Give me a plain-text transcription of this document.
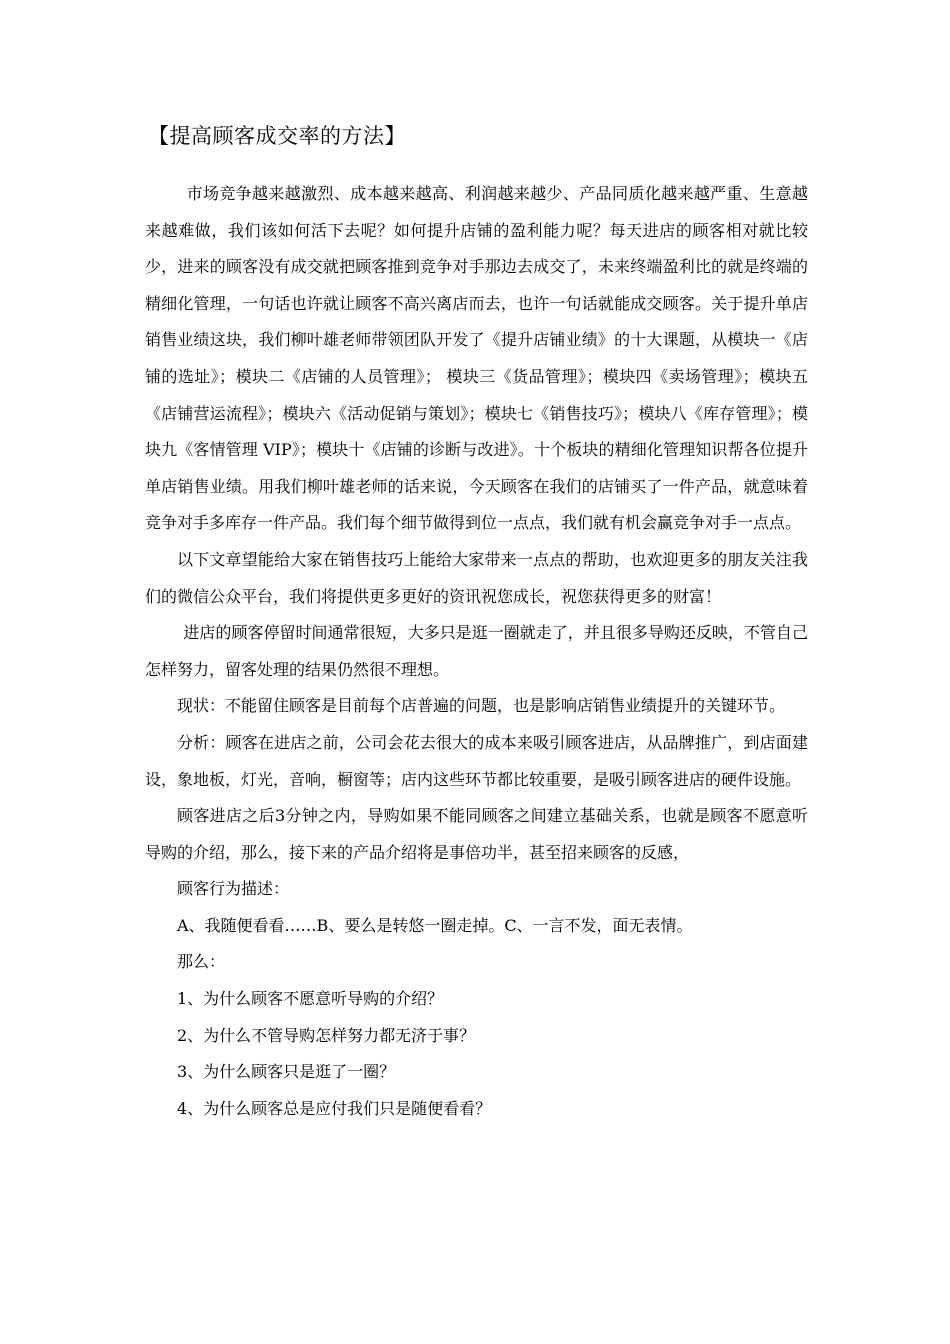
【提高顾客成交率的方法】

市场竞争越来越激烈、成本越来越高、利润越来越少、产品同质化越来越严重、生意越来越难做，我们该如何活下去呢？如何提升店铺的盈利能力呢？每天进店的顾客相对就比较少，进来的顾客没有成交就把顾客推到竞争对手那边去成交了，未来终端盈利比的就是终端的精细化管理，一句话也许就让顾客不高兴离店而去，也许一句话就能成交顾客。关于提升单店销售业绩这块，我们柳叶雄老师带领团队开发了《提升店铺业绩》的十大课题，从模块一《店铺的选址》；模块二《店铺的人员管理》； 模块三《货品管理》；模块四《卖场管理》；模块五《店铺营运流程》；模块六《活动促销与策划》；模块七《销售技巧》；模块八《库存管理》；模块九《客情管理 VIP》；模块十《店铺的诊断与改进》。十个板块的精细化管理知识帮各位提升单店销售业绩。用我们柳叶雄老师的话来说，今天顾客在我们的店铺买了一件产品，就意味着竞争对手多库存一件产品。我们每个细节做得到位一点点，我们就有机会赢竞争对手一点点。

以下文章望能给大家在销售技巧上能给大家带来一点点的帮助，也欢迎更多的朋友关注我们的微信公众平台，我们将提供更多更好的资讯祝您成长，祝您获得更多的财富！

进店的顾客停留时间通常很短，大多只是逛一圈就走了，并且很多导购还反映，不管自己怎样努力，留客处理的结果仍然很不理想。

现状：不能留住顾客是目前每个店普遍的问题，也是影响店销售业绩提升的关键环节。

分析：顾客在进店之前，公司会花去很大的成本来吸引顾客进店，从品牌推广，到店面建设，象地板，灯光，音响，橱窗等；店内这些环节都比较重要，是吸引顾客进店的硬件设施。

顾客进店之后3分钟之内，导购如果不能同顾客之间建立基础关系，也就是顾客不愿意听导购的介绍，那么，接下来的产品介绍将是事倍功半，甚至招来顾客的反感，

顾客行为描述：

A、我随便看看……B、要么是转悠一圈走掉。C、一言不发，面无表情。

那么：

1、为什么顾客不愿意听导购的介绍？

2、为什么不管导购怎样努力都无济于事？

3、为什么顾客只是逛了一圈？

4、为什么顾客总是应付我们只是随便看看？
